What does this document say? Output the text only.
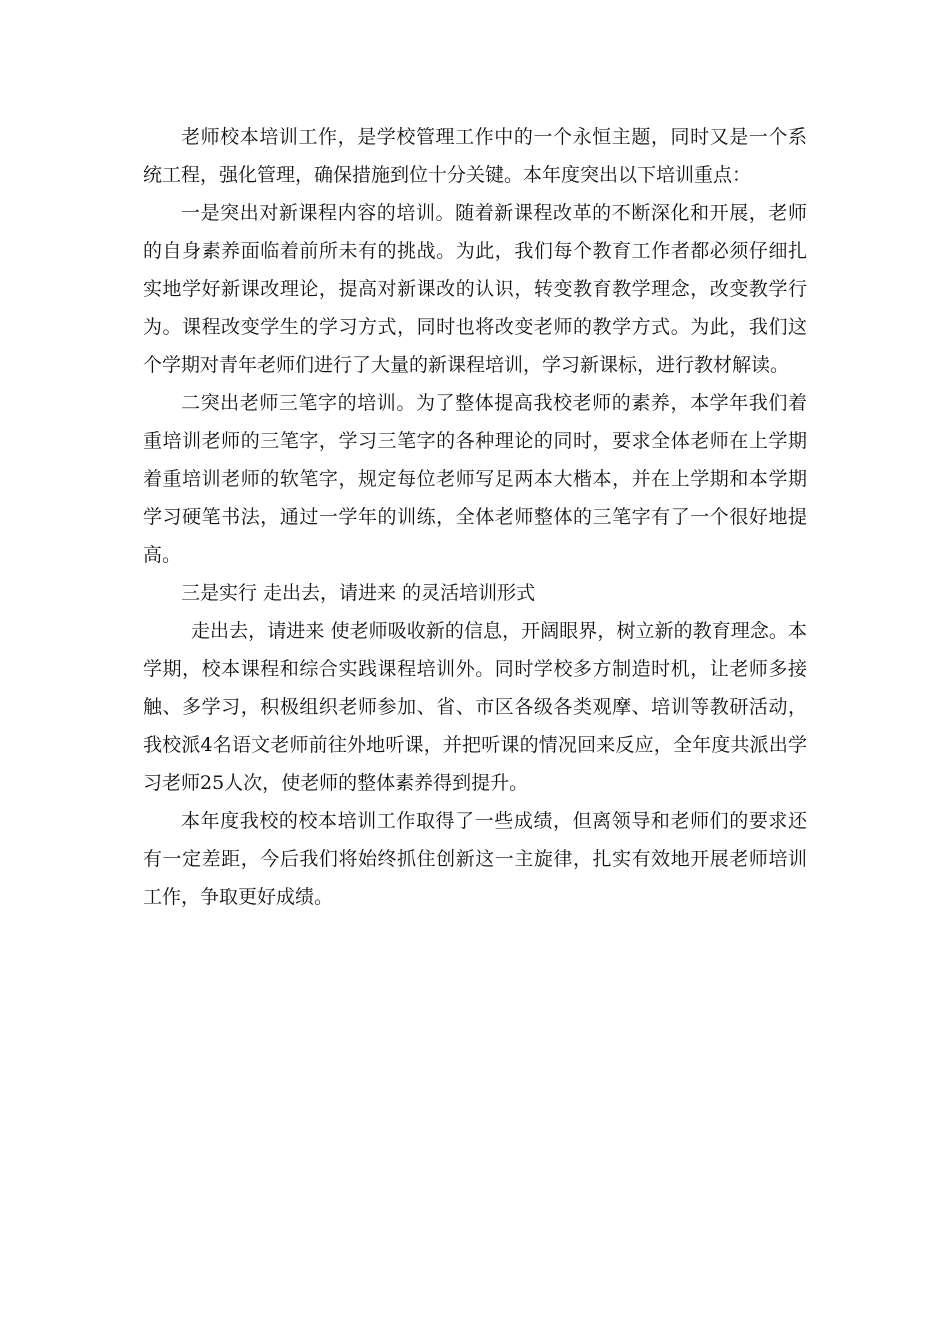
老师校本培训工作，是学校管理工作中的一个永恒主题，同时又是一个系统工程，强化管理，确保措施到位十分关键。本年度突出以下培训重点：

一是突出对新课程内容的培训。随着新课程改革的不断深化和开展，老师的自身素养面临着前所未有的挑战。为此，我们每个教育工作者都必须仔细扎实地学好新课改理论，提高对新课改的认识，转变教育教学理念，改变教学行为。课程改变学生的学习方式，同时也将改变老师的教学方式。为此，我们这个学期对青年老师们进行了大量的新课程培训，学习新课标，进行教材解读。

二突出老师三笔字的培训。为了整体提高我校老师的素养，本学年我们着重培训老师的三笔字，学习三笔字的各种理论的同时，要求全体老师在上学期着重培训老师的软笔字，规定每位老师写足两本大楷本，并在上学期和本学期学习硬笔书法，通过一学年的训练，全体老师整体的三笔字有了一个很好地提高。

三是实行 走出去，请进来 的灵活培训形式

走出去，请进来 使老师吸收新的信息，开阔眼界，树立新的教育理念。本学期，校本课程和综合实践课程培训外。同时学校多方制造时机，让老师多接触、多学习，积极组织老师参加、省、市区各级各类观摩、培训等教研活动，我校派4名语文老师前往外地听课，并把听课的情况回来反应，全年度共派出学习老师25人次，使老师的整体素养得到提升。

本年度我校的校本培训工作取得了一些成绩，但离领导和老师们的要求还有一定差距，今后我们将始终抓住创新这一主旋律，扎实有效地开展老师培训工作，争取更好成绩。
